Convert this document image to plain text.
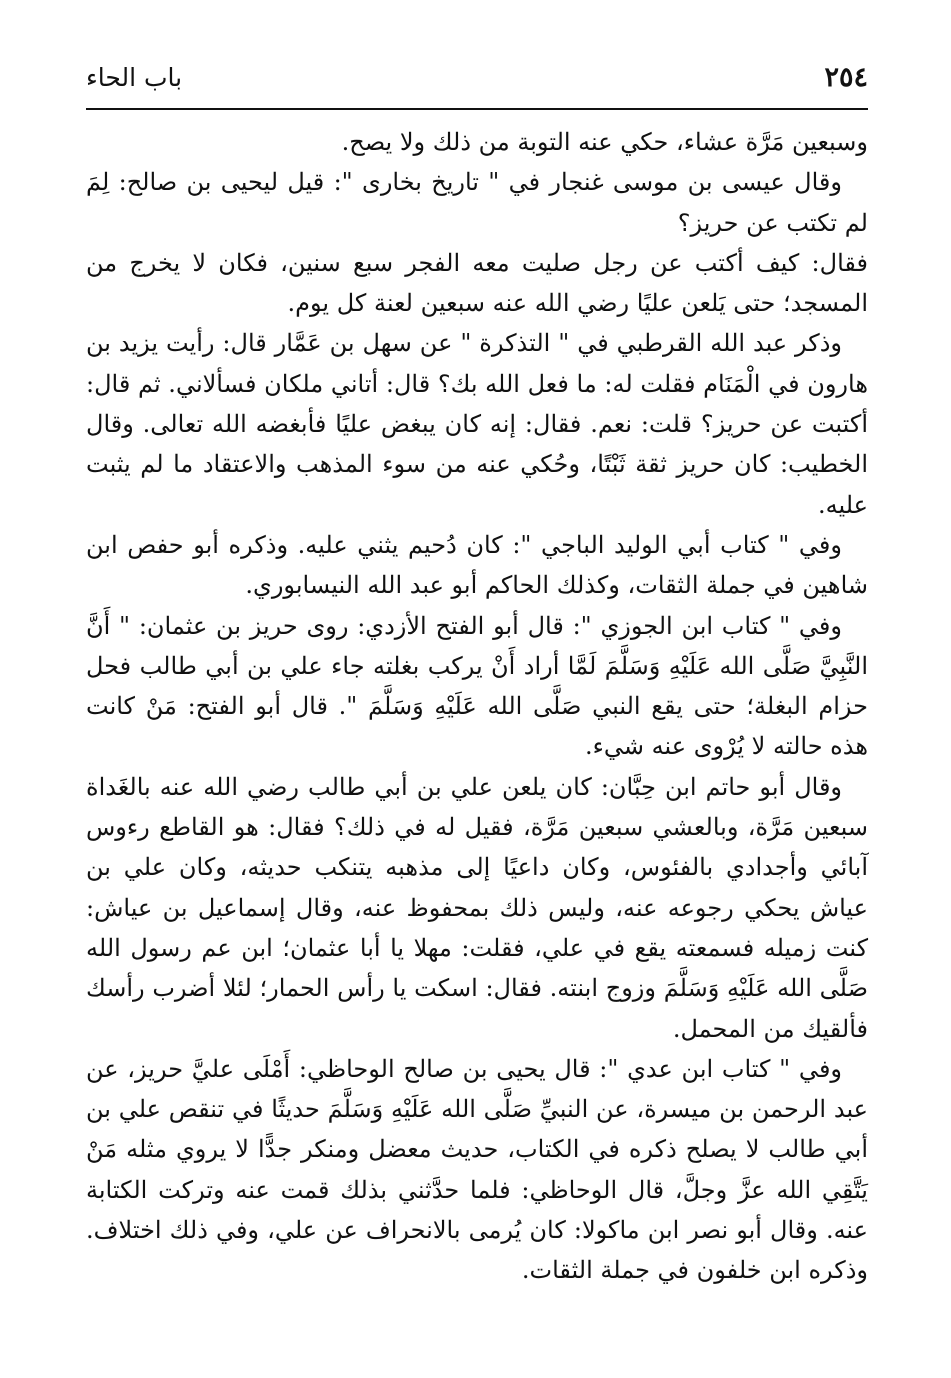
٢٥٤
باب الحاء

وسبعين مَرَّة عشاء، حكي عنه التوبة من ذلك ولا يصح.

وقال عيسى بن موسى غنجار في " تاريخ بخارى ": قيل ليحيى بن صالح: لِمَ لم تكتب عن حريز؟

فقال: كيف أكتب عن رجل صليت معه الفجر سبع سنين، فكان لا يخرج من المسجد؛ حتى يَلعن عليًا رضي الله عنه سبعين لعنة كل يوم.

وذكر عبد الله القرطبي في " التذكرة " عن سهل بن عَمَّار قال: رأيت يزيد بن هارون في الْمَنَام فقلت له: ما فعل الله بك؟ قال: أتاني ملكان فسألاني. ثم قال: أكتبت عن حريز؟ قلت: نعم. فقال: إنه كان يبغض عليًا فأبغضه الله تعالى. وقال الخطيب: كان حريز ثقة ثَبْتًا، وحُكي عنه من سوء المذهب والاعتقاد ما لم يثبت عليه.

وفي " كتاب أبي الوليد الباجي ": كان دُحيم يثني عليه. وذكره أبو حفص ابن شاهين في جملة الثقات، وكذلك الحاكم أبو عبد الله النيسابوري.

وفي " كتاب ابن الجوزي ": قال أبو الفتح الأزدي: روى حريز بن عثمان: " أَنَّ النَّبِيَّ صَلَّى الله عَلَيْهِ وَسَلَّمَ لَمَّا أراد أَنْ يركب بغلته جاء علي بن أبي طالب فحل حزام البغلة؛ حتى يقع النبي صَلَّى الله عَلَيْهِ وَسَلَّمَ ". قال أبو الفتح: مَنْ كانت هذه حالته لا يُرْوى عنه شيء.

وقال أبو حاتم ابن حِبَّان: كان يلعن علي بن أبي طالب رضي الله عنه بالغَداة سبعين مَرَّة، وبالعشي سبعين مَرَّة، فقيل له في ذلك؟ فقال: هو القاطع رءوس آبائي وأجدادي بالفئوس، وكان داعيًا إلى مذهبه يتنكب حديثه، وكان علي بن عياش يحكي رجوعه عنه، وليس ذلك بمحفوظ عنه، وقال إسماعيل بن عياش: كنت زميله فسمعته يقع في علي، فقلت: مهلا يا أبا عثمان؛ ابن عم رسول الله صَلَّى الله عَلَيْهِ وَسَلَّمَ وزوج ابنته. فقال: اسكت يا رأس الحمار؛ لئلا أضرب رأسك فألقيك من المحمل.

وفي " كتاب ابن عدي ": قال يحيى بن صالح الوحاظي: أَمْلَى عليَّ حريز، عن عبد الرحمن بن ميسرة، عن النبيِّ صَلَّى الله عَلَيْهِ وَسَلَّمَ حديثًا في تنقص علي بن أبي طالب لا يصلح ذكره في الكتاب، حديث معضل ومنكر جدًّا لا يروي مثله مَنْ يَتَّقِي الله عزَّ وجلَّ، قال الوحاظي: فلما حدَّثني بذلك قمت عنه وتركت الكتابة عنه. وقال أبو نصر ابن ماكولا: كان يُرمى بالانحراف عن علي، وفي ذلك اختلاف. وذكره ابن خلفون في جملة الثقات.
